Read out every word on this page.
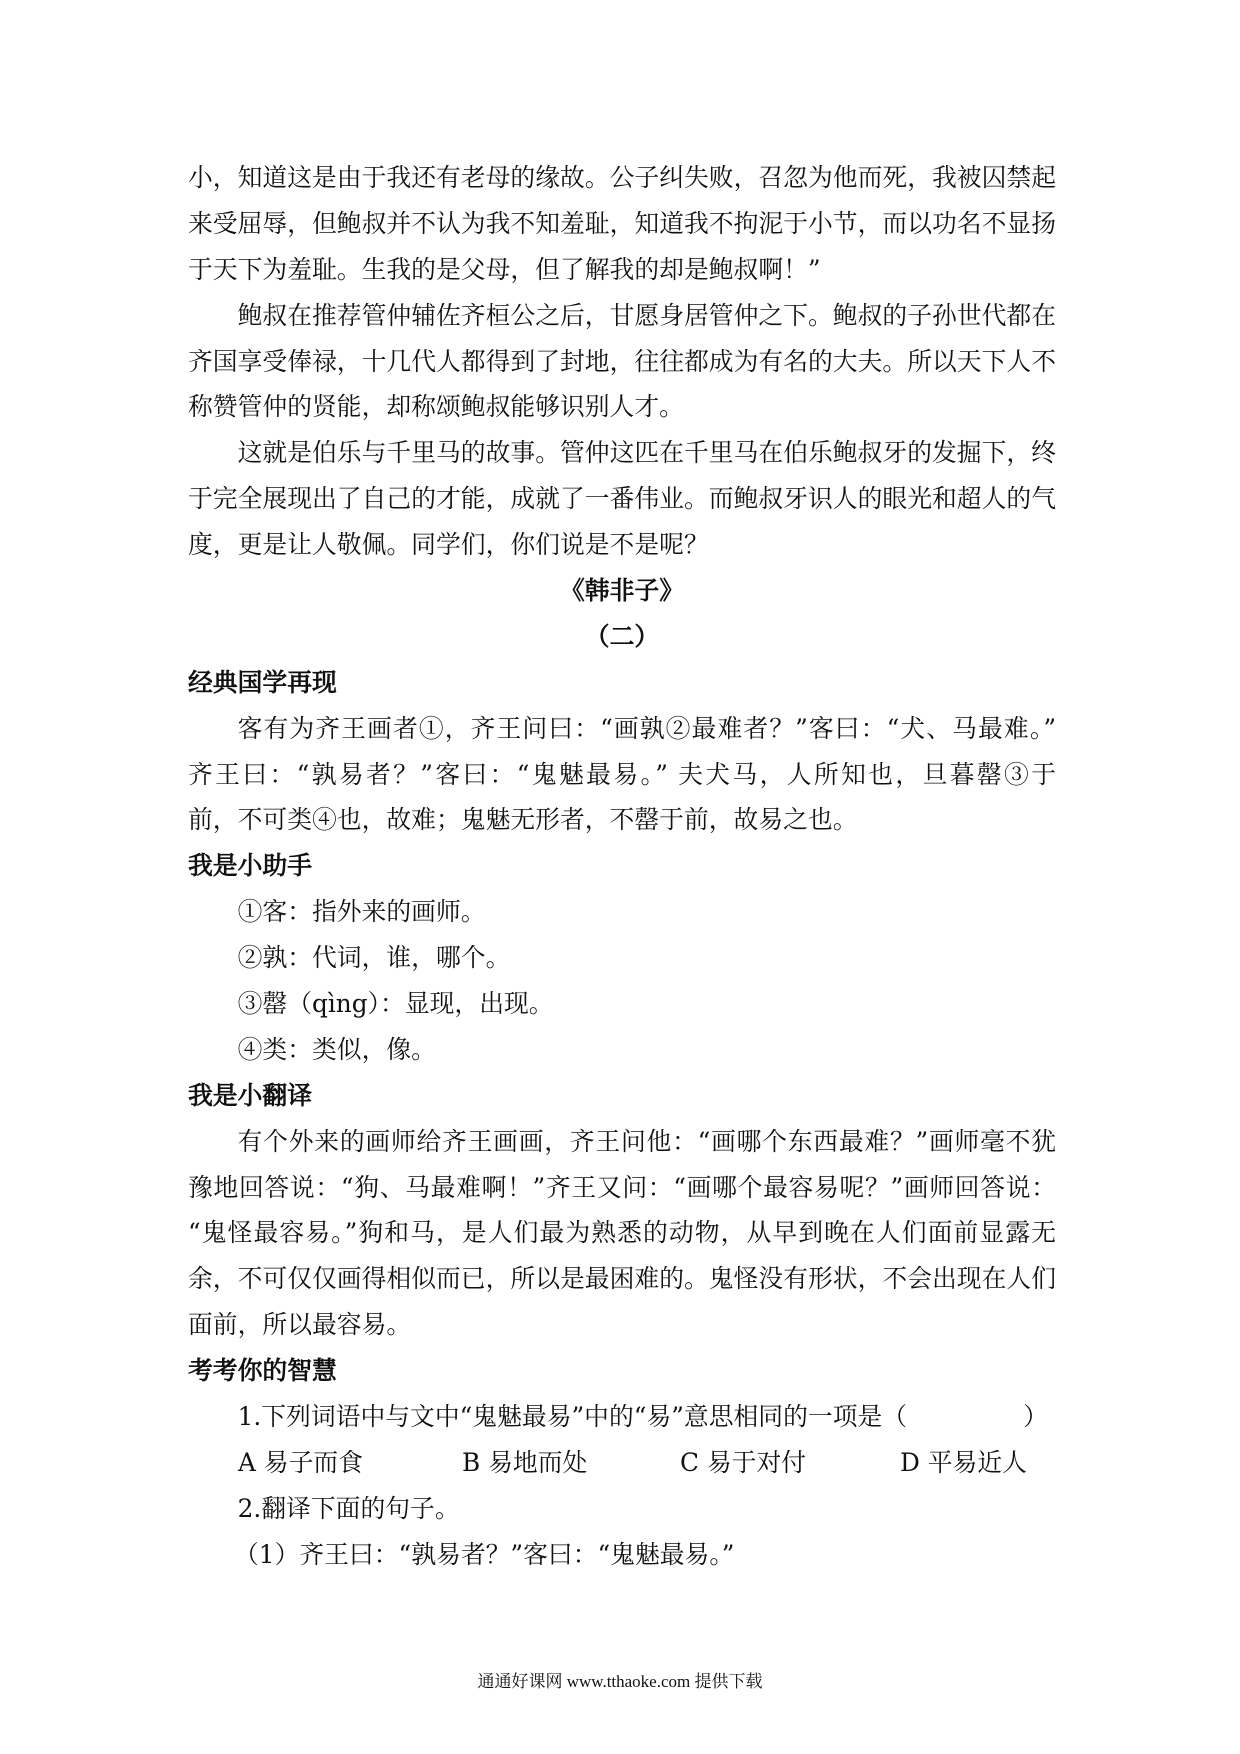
小，知道这是由于我还有老母的缘故。公子纠失败，召忽为他而死，我被囚禁起
来受屈辱，但鲍叔并不认为我不知羞耻，知道我不拘泥于小节，而以功名不显扬
于天下为羞耻。生我的是父母，但了解我的却是鲍叔啊！”
鲍叔在推荐管仲辅佐齐桓公之后，甘愿身居管仲之下。鲍叔的子孙世代都在
齐国享受俸禄，十几代人都得到了封地，往往都成为有名的大夫。所以天下人不
称赞管仲的贤能，却称颂鲍叔能够识别人才。
这就是伯乐与千里马的故事。管仲这匹在千里马在伯乐鲍叔牙的发掘下，终
于完全展现出了自己的才能，成就了一番伟业。而鲍叔牙识人的眼光和超人的气
度，更是让人敬佩。同学们，你们说是不是呢？
《韩非子》
（二）
经典国学再现
客有为齐王画者①，齐王问曰：“画孰②最难者？”客曰：“犬、马最难。”
齐王曰：“孰易者？”客曰：“鬼魅最易。” 夫犬马，人所知也，旦暮罄③于
前，不可类④也，故难；鬼魅无形者，不罄于前，故易之也。
我是小助手
①客：指外来的画师。
②孰：代词，谁，哪个。
③罄（qìng）：显现，出现。
④类：类似，像。
我是小翻译
有个外来的画师给齐王画画，齐王问他：“画哪个东西最难？”画师毫不犹
豫地回答说：“狗、马最难啊！”齐王又问：“画哪个最容易呢？”画师回答说：
“鬼怪最容易。”狗和马，是人们最为熟悉的动物，从早到晚在人们面前显露无
余，不可仅仅画得相似而已，所以是最困难的。鬼怪没有形状，不会出现在人们
面前，所以最容易。
考考你的智慧
1.下列词语中与文中“鬼魅最易”中的“易”意思相同的一项是（	）
A 易子而食	B 易地而处	C 易于对付	D 平易近人
2.翻译下面的句子。
（1）齐王曰：“孰易者？”客曰：“鬼魅最易。”
通通好课网 www.tthaoke.com 提供下载
